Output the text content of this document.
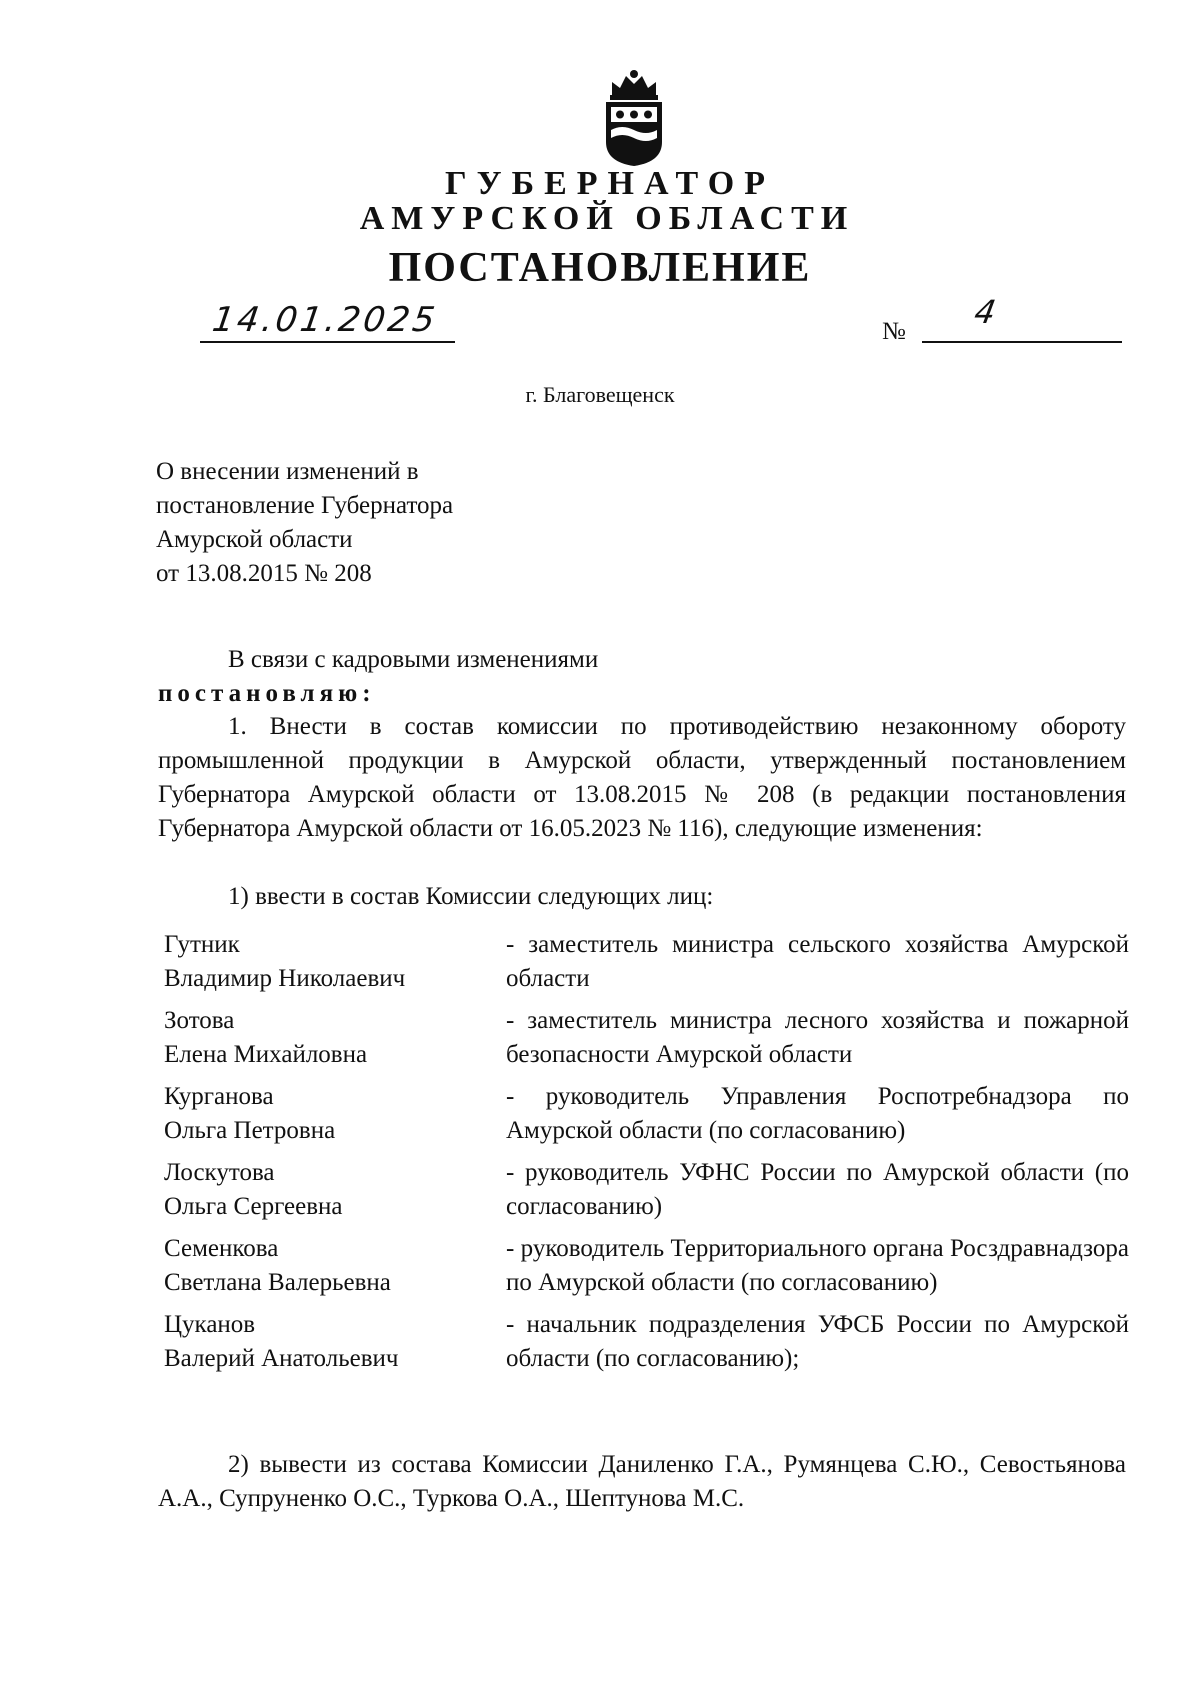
ГУБЕРНАТОР
АМУРСКОЙ ОБЛАСТИ
ПОСТАНОВЛЕНИЕ
14.01.2025	№
4
г. Благовещенск
О внесении изменений в
постановление Губернатора
Амурской области
от 13.08.2015 № 208
В связи с кадровыми изменениями
постановляю:
1. Внести в состав комиссии по противодействию незаконному обороту промышленной продукции в Амурской области, утвержденный постановлением Губернатора Амурской области от 13.08.2015 № 208 (в редакции постановления Губернатора Амурской области от 16.05.2023 № 116), следующие изменения:
1) ввести в состав Комиссии следующих лиц:
Гутник
Владимир Николаевич
- заместитель министра сельского хозяйства Амурской области
Зотова
Елена Михайловна
- заместитель министра лесного хозяйства и пожарной безопасности Амурской области
Курганова
Ольга Петровна
- руководитель Управления Роспотребнадзора по Амурской области (по согласованию)
Лоскутова
Ольга Сергеевна
- руководитель УФНС России по Амурской области (по согласованию)
Семенкова
Светлана Валерьевна
- руководитель Территориального органа Росздравнадзора по Амурской области (по согласованию)
Цуканов
Валерий Анатольевич
- начальник подразделения УФСБ России по Амурской области (по согласованию);
2) вывести из состава Комиссии Даниленко Г.А., Румянцева С.Ю., Севостьянова А.А., Супруненко О.С., Туркова О.А., Шептунова М.С.
